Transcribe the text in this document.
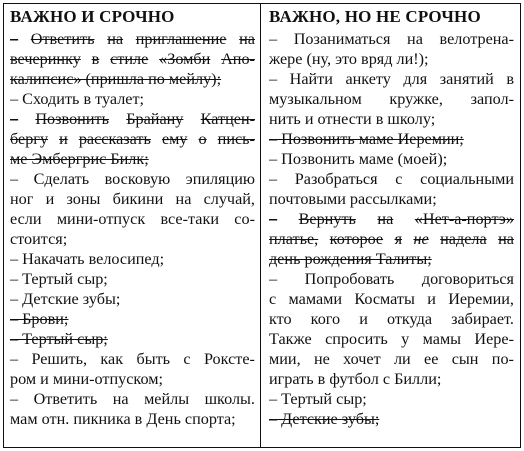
ВАЖНО И СРОЧНО
– Ответить на приглашение на
вечеринку в стиле «Зомби Апо-
калипсис» (пришла по мейлу);
– Сходить в туалет;
– Позвонить Брайану Катцен-
бергу и рассказать ему о пись-
ме Эмбергрис Билк;
– Сделать восковую эпиляцию
ног и зоны бикини на случай,
если мини-отпуск все-таки со-
стоится;
– Накачать велосипед;
– Тертый сыр;
– Детские зубы;
– Брови;
– Тертый сыр;
– Решить, как быть с Рокстe-
ром и мини-отпуском;
– Ответить на мейлы школы.
мам отн. пикника в День спорта;
ВАЖНО, НО НЕ СРОЧНО
– Позаниматься на велотрена-
жере (ну, это вряд ли!);
– Найти анкету для занятий в
музыкальном кружке, запол-
нить и отнести в школу;
– Позвонить маме Иеремии;
– Позвонить маме (моей);
– Разобраться с социальными
почтовыми рассылками;
– Вернуть на «Нет-а-портэ»
платье, которое я не надела на
день рождения Талиты;
– Попробовать договориться
с мамами Косматы и Иеремии,
кто кого и откуда забирает.
Также спросить у мамы Иере-
мии, не хочет ли ее сын по-
играть в футбол с Билли;
– Тертый сыр;
– Детские зубы;
